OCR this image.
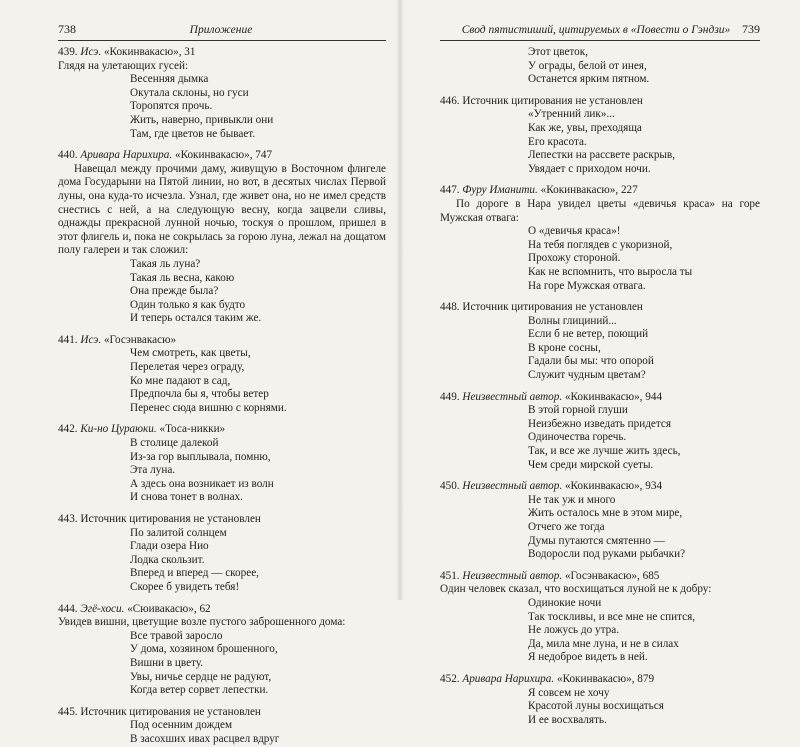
738	Приложение
439. Исэ. «Кокинвакасю», 31
Глядя на улетающих гусей:
Весенняя дымка
Окутала склоны, но гуси
Торопятся прочь.
Жить, наверно, привыкли они
Там, где цветов не бывает.
440. Аривара Нарихира. «Кокинвакасю», 747
Навещал между прочими даму, живущую в Восточном флигеле дома Государыни на Пятой линии, но вот, в десятых числах Первой луны, она куда-то исчезла. Узнал, где живет она, но не имел средств снестись с ней, а на следующую весну, когда зацвели сливы, однажды прекрасной лунной ночью, тоскуя о прошлом, пришел в этот флигель и, пока не сокрылась за горою луна, лежал на дощатом полу галереи и так сложил:
Такая ль луна?
Такая ль весна, какою
Она прежде была?
Один только я как будто
И теперь остался таким же.
441. Исэ. «Госэнвакасю»
Чем смотреть, как цветы,
Перелетая через ограду,
Ко мне падают в сад,
Предпочла бы я, чтобы ветер
Перенес сюда вишню с корнями.
442. Ки-но Цураюки. «Тоса-никки»
В столице далекой
Из-за гор выплывала, помню,
Эта луна.
А здесь она возникает из волн
И снова тонет в волнах.
443. Источник цитирования не установлен
По залитой солнцем
Глади озера Нио
Лодка скользит.
Вперед и вперед — скорее,
Скорее б увидеть тебя!
444. Эгё-хоси. «Сюивакасю», 62
Увидев вишни, цветущие возле пустого заброшенного дома:
Все травой заросло
У дома, хозяином брошенного,
Вишни в цвету.
Увы, ничье сердце не радуют,
Когда ветер сорвет лепестки.
445. Источник цитирования не установлен
Под осенним дождем
В засохших ивах расцвел вдруг
Свод пятистиший, цитируемых в «Повести о Гэндзи» 739
Этот цветок,
У ограды, белой от инея,
Останется ярким пятном.
446. Источник цитирования не установлен
«Утренний лик»...
Как же, увы, преходяща
Его красота.
Лепестки на рассвете раскрыв,
Увядает с приходом ночи.
447. Фуру Иманити. «Кокинвакасю», 227
По дороге в Нара увидел цветы «девичья краса» на горе Мужская отвага:
О «девичья краса»!
На тебя поглядев с укоризной,
Прохожу стороной.
Как не вспомнить, что выросла ты
На горе Мужская отвага.
448. Источник цитирования не установлен
Волны глициний...
Если б не ветер, поющий
В кроне сосны,
Гадали бы мы: что опорой
Служит чудным цветам?
449. Неизвестный автор. «Кокинвакасю», 944
В этой горной глуши
Неизбежно изведать придется
Одиночества горечь.
Так, и все же лучше жить здесь,
Чем среди мирской суеты.
450. Неизвестный автор. «Кокинвакасю», 934
Не так уж и много
Жить осталось мне в этом мире,
Отчего же тогда
Думы путаются смятенно —
Водоросли под руками рыбачки?
451. Неизвестный автор. «Госэнвакасю», 685
Один человек сказал, что восхищаться луной не к добру:
Одинокие ночи
Так тоскливы, и все мне не спится,
Не ложусь до утра.
Да, мила мне луна, и не в силах
Я недоброе видеть в ней.
452. Аривара Нарихира. «Кокинвакасю», 879
Я совсем не хочу
Красотой луны восхищаться
И ее восхвалять.
